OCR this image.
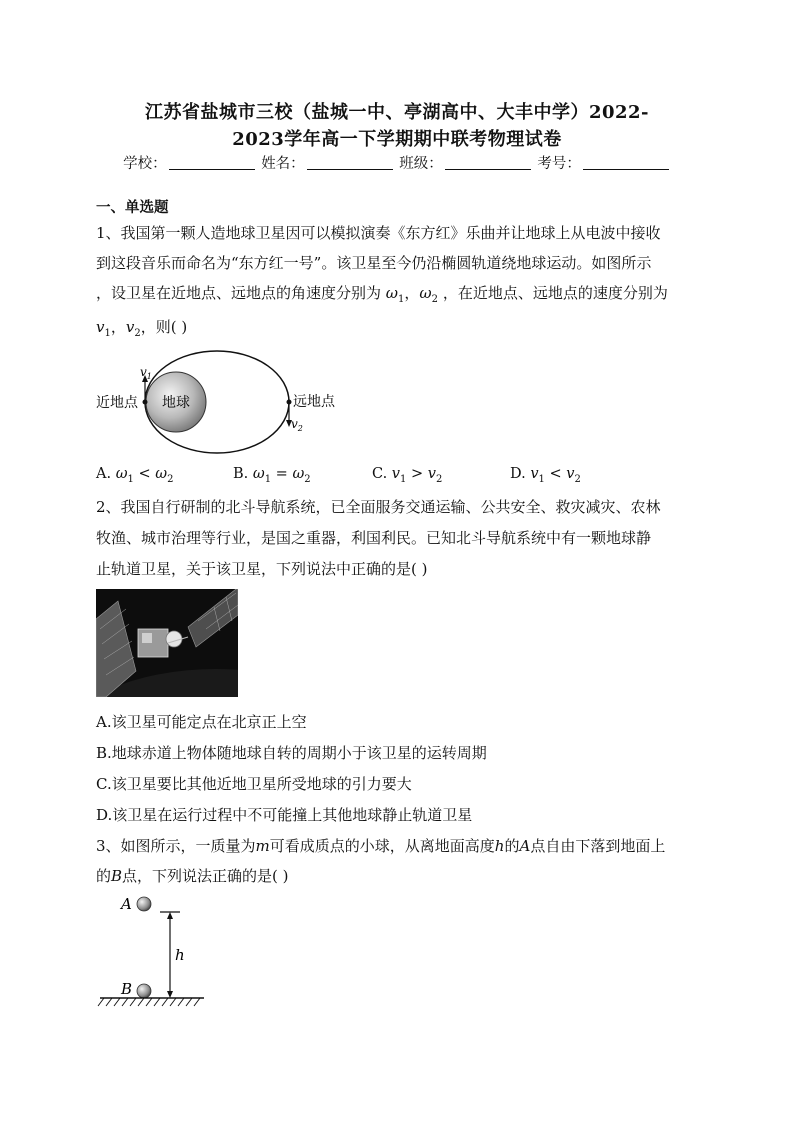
江苏省盐城市三校（盐城一中、亭湖高中、大丰中学）2022-
2023学年高一下学期期中联考物理试卷
学校：	姓名：	班级：	考号：
一、单选题
1、我国第一颗人造地球卫星因可以模拟演奏《东方红》乐曲并让地球上从电波中接收
到这段音乐而命名为“东方红一号”。该卫星至今仍沿椭圆轨道绕地球运动。如图所示
，设卫星在近地点、远地点的角速度分别为 $\omega_1$，$\omega_2$ ，在近地点、远地点的速度分别为
$v_1$，$v_2$，则( )
地球
$v_1$
近地点
$v_2$
远地点
A. $\omega_1 < \omega_2$	B. $\omega_1 = \omega_2$	C. $v_1 > v_2$	D. $v_1 < v_2$
2、我国自行研制的北斗导航系统，已全面服务交通运输、公共安全、救灾减灾、农林
牧渔、城市治理等行业，是国之重器，利国利民。已知北斗导航系统中有一颗地球静
止轨道卫星，关于该卫星，下列说法中正确的是( )
A.该卫星可能定点在北京正上空
B.地球赤道上物体随地球自转的周期小于该卫星的运转周期
C.该卫星要比其他近地卫星所受地球的引力要大
D.该卫星在运行过程中不可能撞上其他地球静止轨道卫星
3、如图所示，一质量为m可看成质点的小球，从离地面高度h的A点自由下落到地面上
的B点，下列说法正确的是( )
A
h
B
